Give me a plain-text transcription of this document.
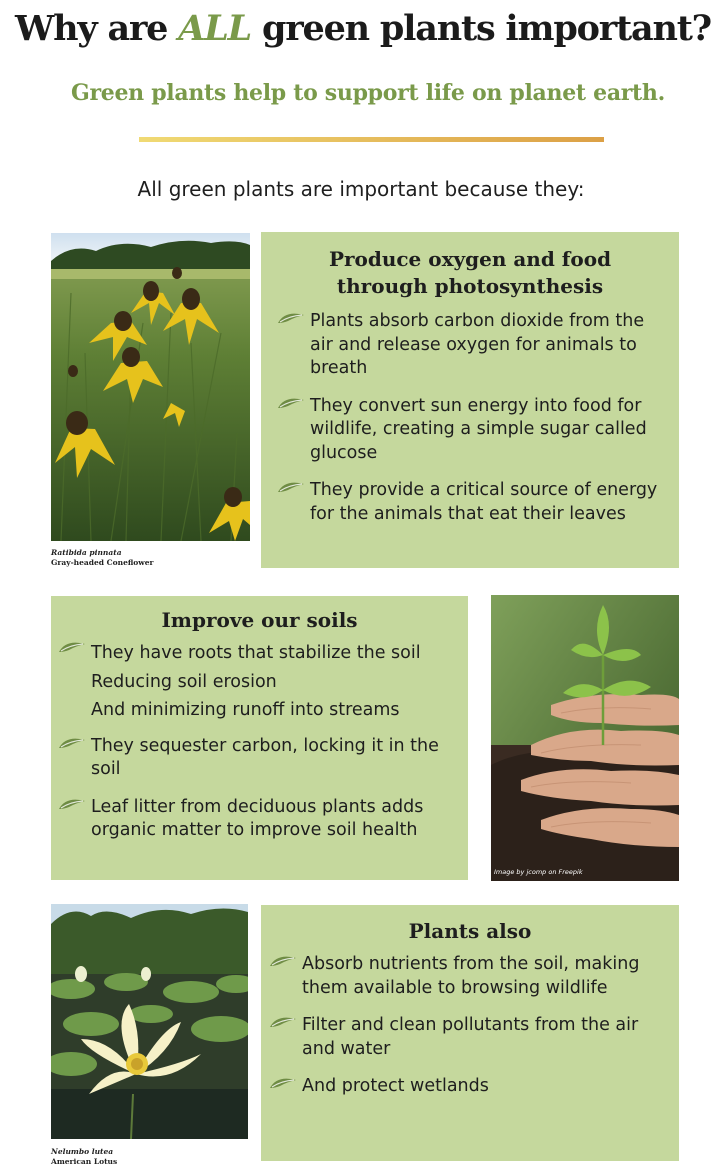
Why are ALL green plants important?
Green plants help to support life on planet earth.
All green plants are important because they:
Ratibida pinnata
Gray-headed Coneflower
Produce oxygen and food through photosynthesis
Plants absorb carbon dioxide from the air and release oxygen for animals to breath
They convert sun energy into food for wildlife, creating a simple sugar called glucose
They provide a critical source of energy for the animals that eat their leaves
Improve our soils
They have roots that stabilize the soil
Reducing soil erosion
And minimizing runoff into streams
They sequester carbon, locking it in the soil
Leaf litter from deciduous plants adds organic matter to improve soil health
Image by jcomp on Freepik
Nelumbo lutea
American Lotus
Plants also
Absorb nutrients from the soil, making them available to browsing wildlife
Filter and clean pollutants from the air and water
And protect wetlands
